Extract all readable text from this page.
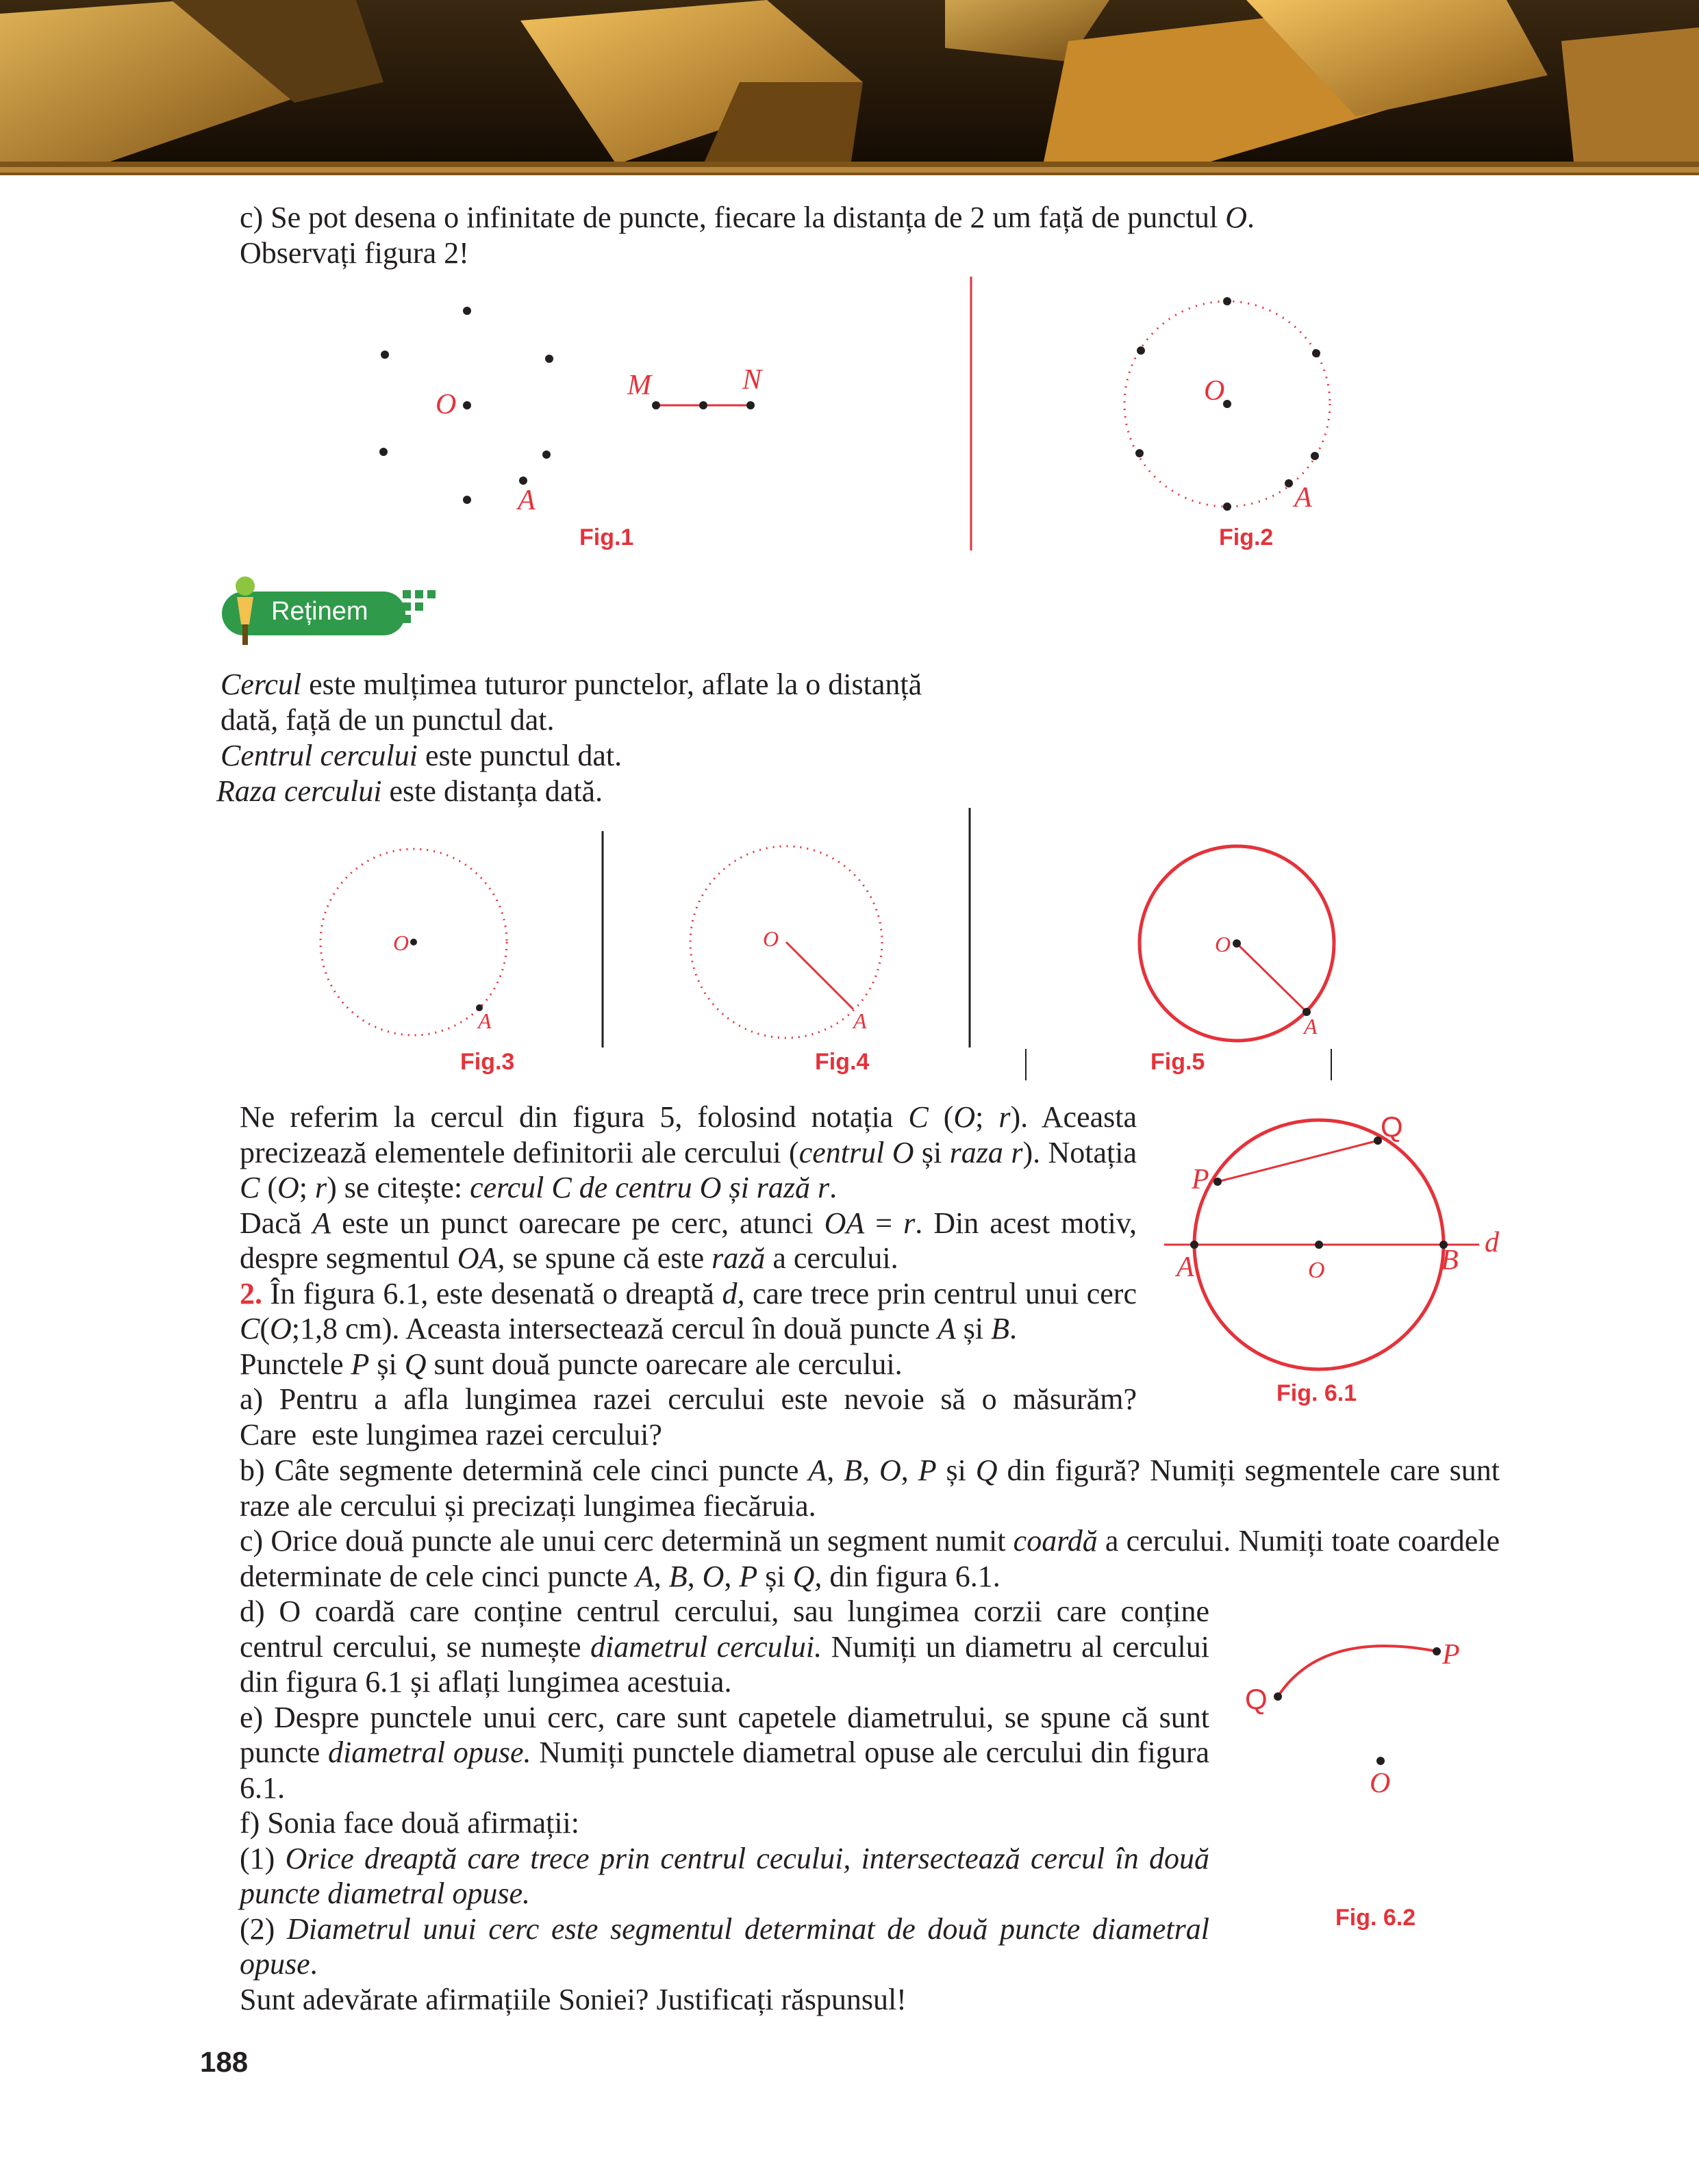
c) Se pot desena o infinitate de puncte, fiecare la distanța de 2 um față de punctul O.

Observați figura 2!

O
A
M	N	O
A
Fig.1	Fig.2
Reținem

Cercul este mulțimea tuturor punctelor, aflate la o distanță

dată, față de un punctul dat.

Centrul cercului este punctul dat.

Raza cercului este distanța dată.

O
A
O
A
O
A
Fig.3	Fig.4	Fig.5
Q
P
A	O	B
d
Fig. 6.1
Ne referim la cercul din figura 5, folosind notația C (O; r). Aceasta precizează elementele definitorii ale cercului (centrul O și raza r). Notația C (O; r) se citește: cercul C de centru O și rază r.
Dacă A este un punct oarecare pe cerc, atunci OA = r. Din acest motiv, despre segmentul OA, se spune că este rază a cercului.
2. În figura 6.1, este desenată o dreaptă d, care trece prin centrul unui cerc C(O;1,8 cm). Aceasta intersectează cercul în două puncte A și B.
Punctele P și Q sunt două puncte oarecare ale cercului.
a) Pentru a afla lungimea razei cercului este nevoie să o măsurăm? Care  este lungimea razei cercului?
b) Câte segmente determină cele cinci puncte A, B, O, P și Q din figură? Numiți segmentele care sunt raze ale cercului și precizați lungimea fiecăruia.
c) Orice două puncte ale unui cerc determină un segment numit coardă a cercului. Numiți toate coardele determinate de cele cinci puncte A, B, O, P și Q, din figura 6.1.
d) O coardă care conține centrul cercului, sau lungimea corzii care conține centrul cercului, se numește diametrul cercului. Numiți un diametru al cercului din figura 6.1 și aflați lungimea acestuia.
e) Despre punctele unui cerc, care sunt capetele diametrului, se spune că sunt puncte diametral opuse. Numiți punctele diametral opuse ale cercului din figura 6.1.
f) Sonia face două afirmații:
(1) Orice dreaptă care trece prin centrul cecului, intersectează cercul în două puncte diametral opuse.
(2) Diametrul unui cerc este segmentul determinat de două puncte diametral opuse.
Sunt adevărate afirmațiile Soniei? Justificați răspunsul!
Q
P
O
Fig. 6.2
188
